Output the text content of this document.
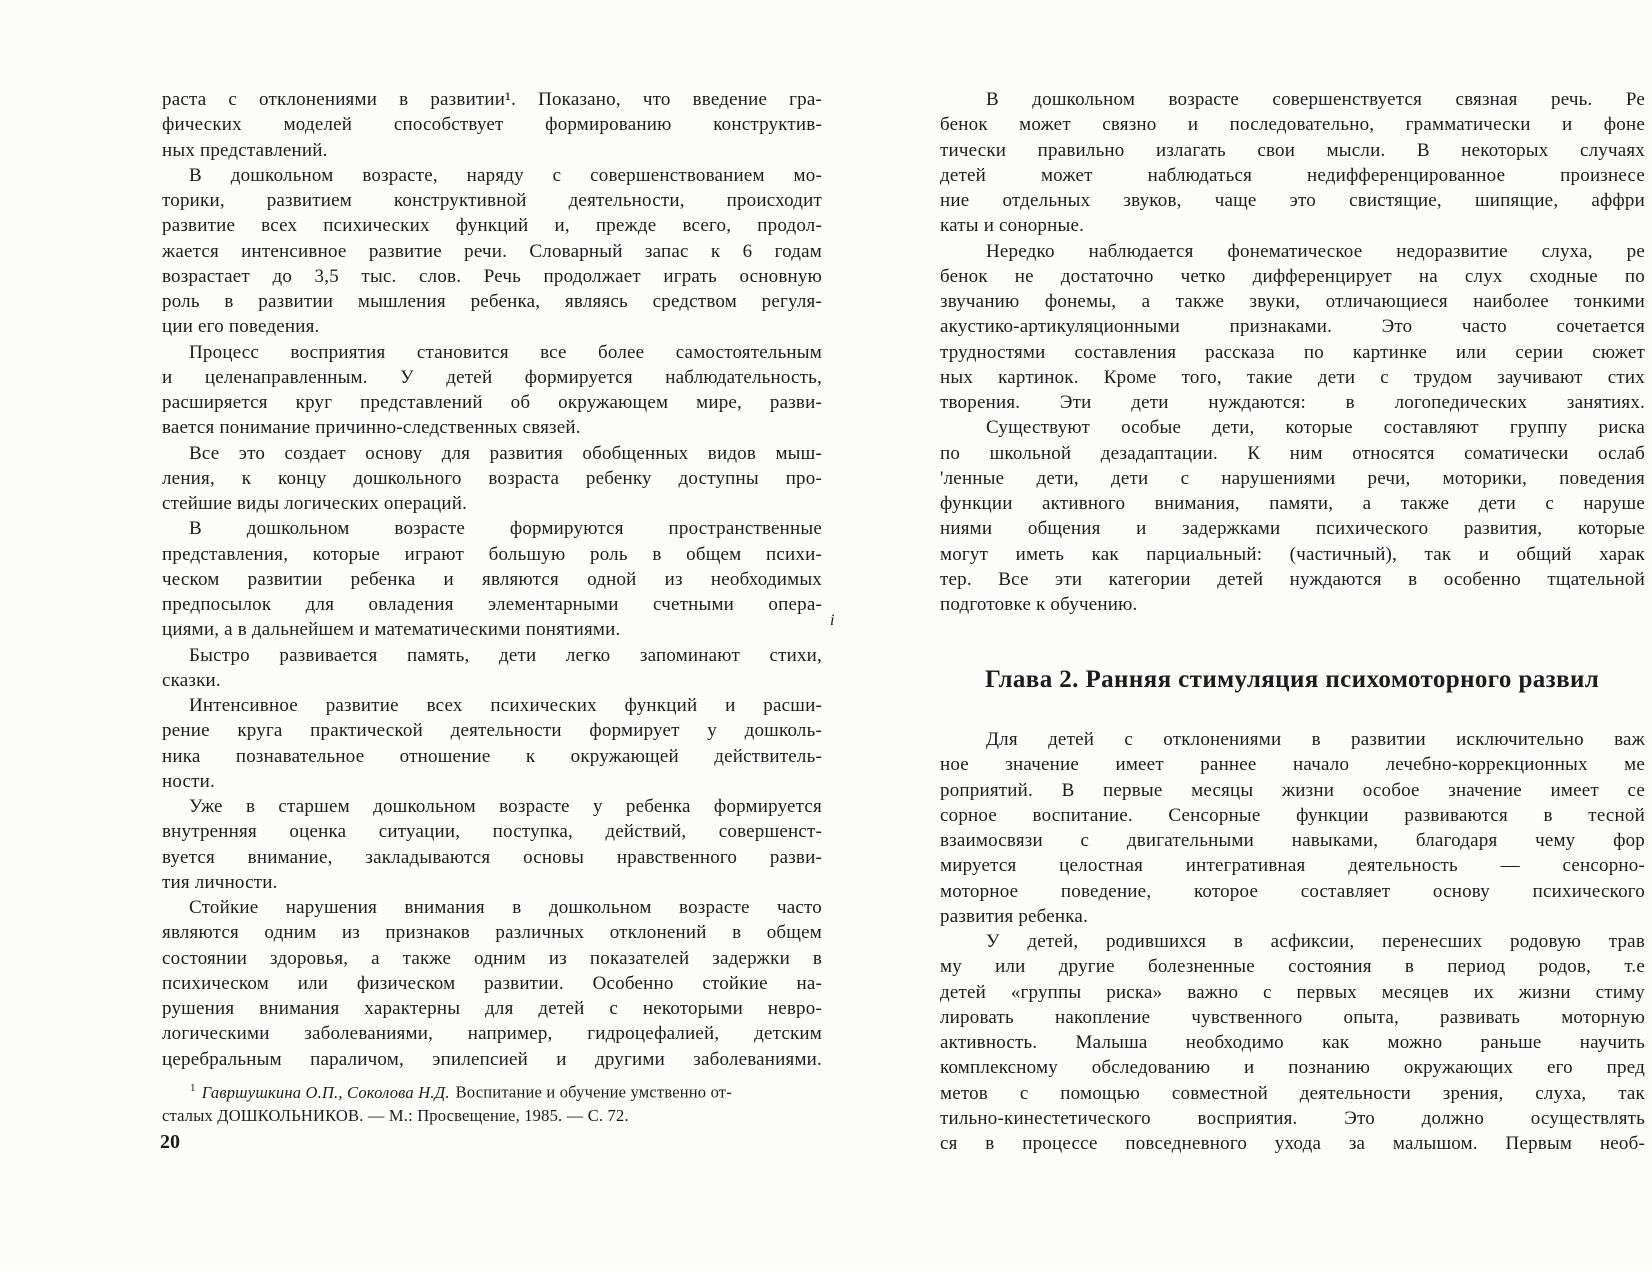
раста с отклонениями в развитии¹. Показано, что введение гра-
фических моделей способствует формированию конструктив-
ных представлений.
В дошкольном возрасте, наряду с совершенствованием мо-
торики, развитием конструктивной деятельности, происходит
развитие всех психических функций и, прежде всего, продол-
жается интенсивное развитие речи. Словарный запас к 6 годам
возрастает до 3,5 тыс. слов. Речь продолжает играть основную
роль в развитии мышления ребенка, являясь средством регуля-
ции его поведения.
Процесс восприятия становится все более самостоятельным
и целенаправленным. У детей формируется наблюдательность,
расширяется круг представлений об окружающем мире, разви-
вается понимание причинно-следственных связей.
Все это создает основу для развития обобщенных видов мыш-
ления, к концу дошкольного возраста ребенку доступны про-
стейшие виды логических операций.
В дошкольном возрасте формируются пространственные
представления, которые играют большую роль в общем психи-
ческом развитии ребенка и являются одной из необходимых
предпосылок для овладения элементарными счетными опера-
циями, а в дальнейшем и математическими понятиями.
Быстро развивается память, дети легко запоминают стихи,
сказки.
Интенсивное развитие всех психических функций и расши-
рение круга практической деятельности формирует у дошколь-
ника познавательное отношение к окружающей действитель-
ности.
Уже в старшем дошкольном возрасте у ребенка формируется
внутренняя оценка ситуации, поступка, действий, совершенст-
вуется внимание, закладываются основы нравственного разви-
тия личности.
Стойкие нарушения внимания в дошкольном возрасте часто
являются одним из признаков различных отклонений в общем
состоянии здоровья, а также одним из показателей задержки в
психическом или физическом развитии. Особенно стойкие на-
рушения внимания характерны для детей с некоторыми невро-
логическими заболеваниями, например, гидроцефалией, детским
церебральным параличом, эпилепсией и другими заболеваниями.
i
$^1$ Гавршушкина О.П., Соколова Н.Д. Воспитание и обучение умственно от-
сталых ДОШКОЛЬНИКОВ. — М.: Просвещение, 1985. — С. 72.
20
В дошкольном возрасте совершенствуется связная речь. Ре
бенок может связно и последовательно, грамматически и фоне
тически правильно излагать свои мысли. В некоторых случаях
детей может наблюдаться недифференцированное произнесе
ние отдельных звуков, чаще это свистящие, шипящие, аффри
каты и сонорные.
Нередко наблюдается фонематическое недоразвитие слуха, ре
бенок не достаточно четко дифференцирует на слух сходные по
звучанию фонемы, а также звуки, отличающиеся наиболее тонкими
акустико-артикуляционными признаками. Это часто сочетается
трудностями составления рассказа по картинке или серии сюжет
ных картинок. Кроме того, такие дети с трудом заучивают стих
творения. Эти дети нуждаются: в логопедических занятиях.
Существуют особые дети, которые составляют группу риска
по школьной дезадаптации. К ним относятся соматически ослаб
'ленные дети, дети с нарушениями речи, моторики, поведения
функции активного внимания, памяти, а также дети с наруше
ниями общения и задержками психического развития, которые
могут иметь как парциальный: (частичный), так и общий харак
тер. Все эти категории детей нуждаются в особенно тщательной
подготовке к обучению.
Глава 2. Ранняя стимуляция психомоторного развил
Для детей с отклонениями в развитии исключительно важ
ное значение имеет раннее начало лечебно-коррекционных ме
роприятий. В первые месяцы жизни особое значение имеет се
сорное воспитание. Сенсорные функции развиваются в тесной
взаимосвязи с двигательными навыками, благодаря чему фор
мируется целостная интегративная деятельность — сенсорно-
моторное поведение, которое составляет основу психического
развития ребенка.
У детей, родившихся в асфиксии, перенесших родовую трав
му или другие болезненные состояния в период родов, т.е
детей «группы риска» важно с первых месяцев их жизни стиму
лировать накопление чувственного опыта, развивать моторную
активность. Малыша необходимо как можно раньше научить
комплексному обследованию и познанию окружающих его пред
метов с помощью совместной деятельности зрения, слуха, так
тильно-кинестетического восприятия. Это должно осуществлять
ся в процессе повседневного ухода за малышом. Первым необ-
